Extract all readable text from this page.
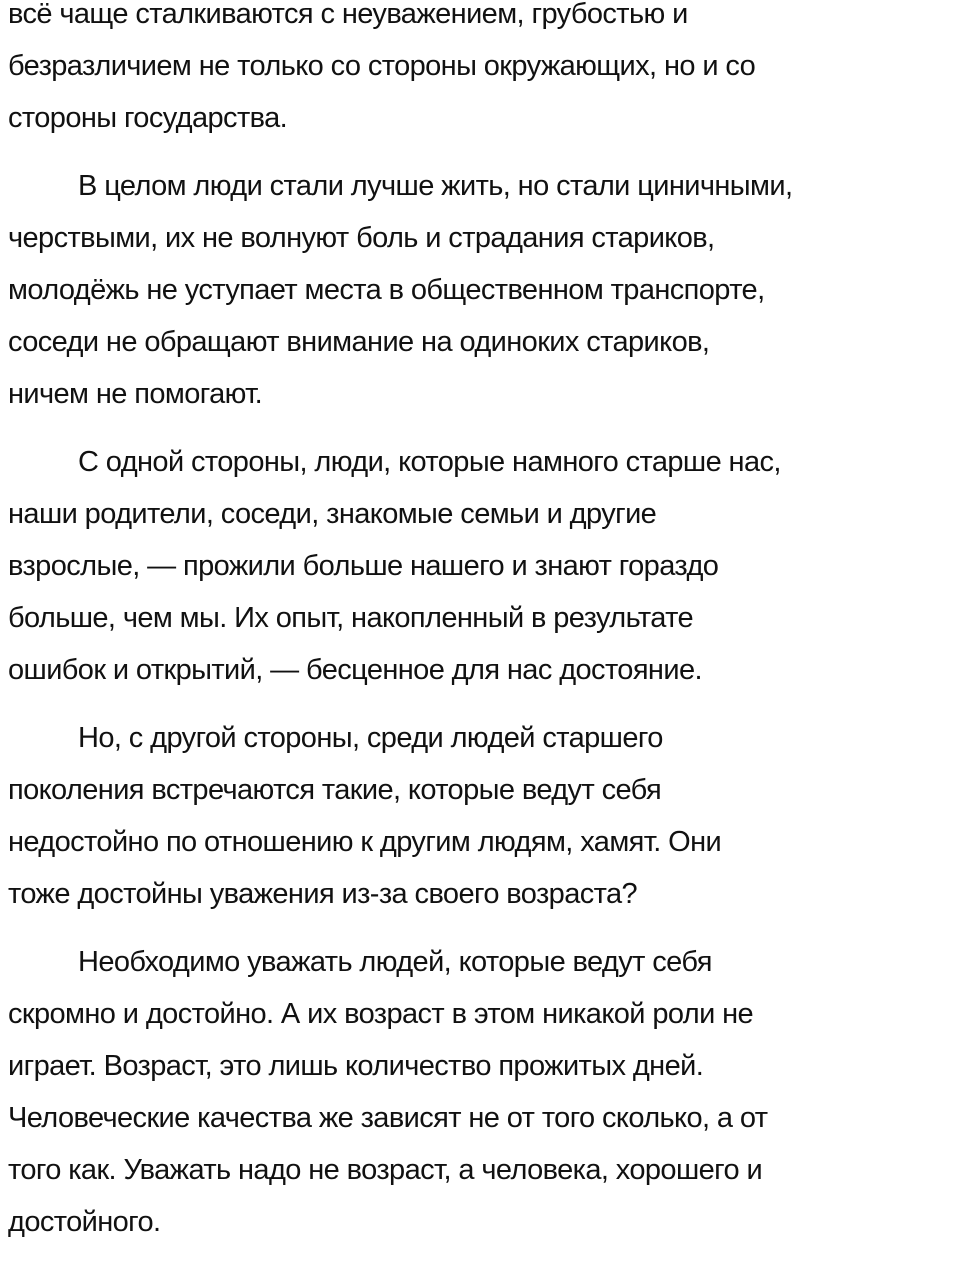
всё чаще сталкиваются с неуважением, грубостью и
безразличием не только со стороны окружающих, но и со
стороны государства.
В целом люди стали лучше жить, но стали циничными,
черствыми, их не волнуют боль и страдания стариков,
молодёжь не уступает места в общественном транспорте,
соседи не обращают внимание на одиноких стариков,
ничем не помогают.
С одной стороны, люди, которые намного старше нас,
наши родители, соседи, знакомые семьи и другие
взрослые, — прожили больше нашего и знают гораздо
больше, чем мы. Их опыт, накопленный в результате
ошибок и открытий, — бесценное для нас достояние.
Но, с другой стороны, среди людей старшего
поколения встречаются такие, которые ведут себя
недостойно по отношению к другим людям, хамят. Они
тоже достойны уважения из-за своего возраста?
Необходимо уважать людей, которые ведут себя
скромно и достойно. А их возраст в этом никакой роли не
играет. Возраст, это лишь количество прожитых дней.
Человеческие качества же зависят не от того сколько, а от
того как. Уважать надо не возраст, а человека, хорошего и
достойного.
